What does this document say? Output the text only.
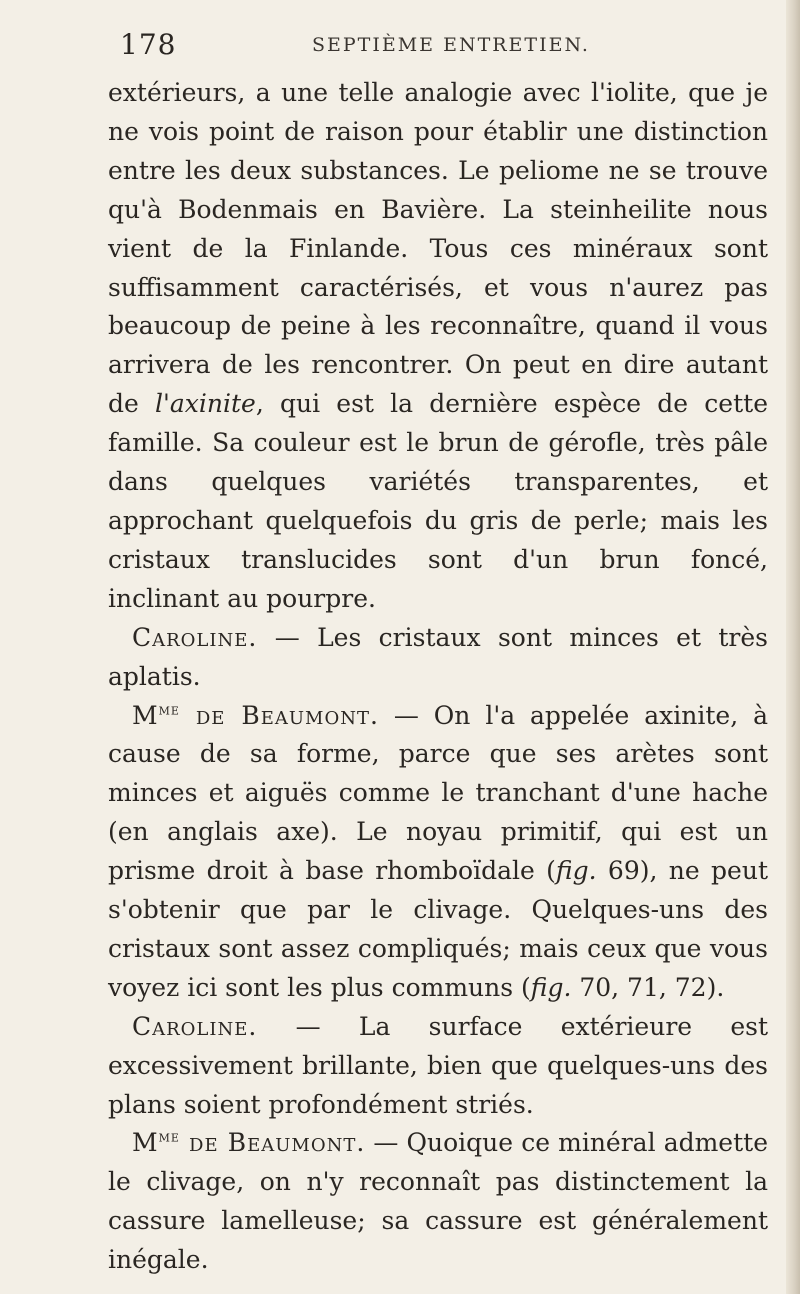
178	SEPTIÈME ENTRETIEN.

extérieurs, a une telle analogie avec l'iolite, que je ne vois point de raison pour établir une distinction entre les deux substances. Le peliome ne se trouve qu'à Bodenmais en Bavière. La steinheilite nous vient de la Finlande. Tous ces minéraux sont suffisamment caractérisés, et vous n'aurez pas beaucoup de peine à les reconnaître, quand il vous arrivera de les rencontrer. On peut en dire autant de l'axinite, qui est la dernière espèce de cette famille. Sa couleur est le brun de gérofle, très pâle dans quelques variétés transparentes, et approchant quelquefois du gris de perle; mais les cristaux translucides sont d'un brun foncé, inclinant au pourpre.

Caroline. — Les cristaux sont minces et très aplatis.

$M^{me}$ de Beaumont. — On l'a appelée axinite, à cause de sa forme, parce que ses arètes sont minces et aiguës comme le tranchant d'une hache (en anglais axe). Le noyau primitif, qui est un prisme droit à base rhomboïdale (fig. 69), ne peut s'obtenir que par le clivage. Quelques-uns des cristaux sont assez compliqués; mais ceux que vous voyez ici sont les plus communs (fig. 70, 71, 72).

Caroline. — La surface extérieure est excessivement brillante, bien que quelques-uns des plans soient profondément striés.

$M^{me}$ de Beaumont. — Quoique ce minéral admette le clivage, on n'y reconnaît pas distinctement la cassure lamelleuse; sa cassure est généralement inégale.
